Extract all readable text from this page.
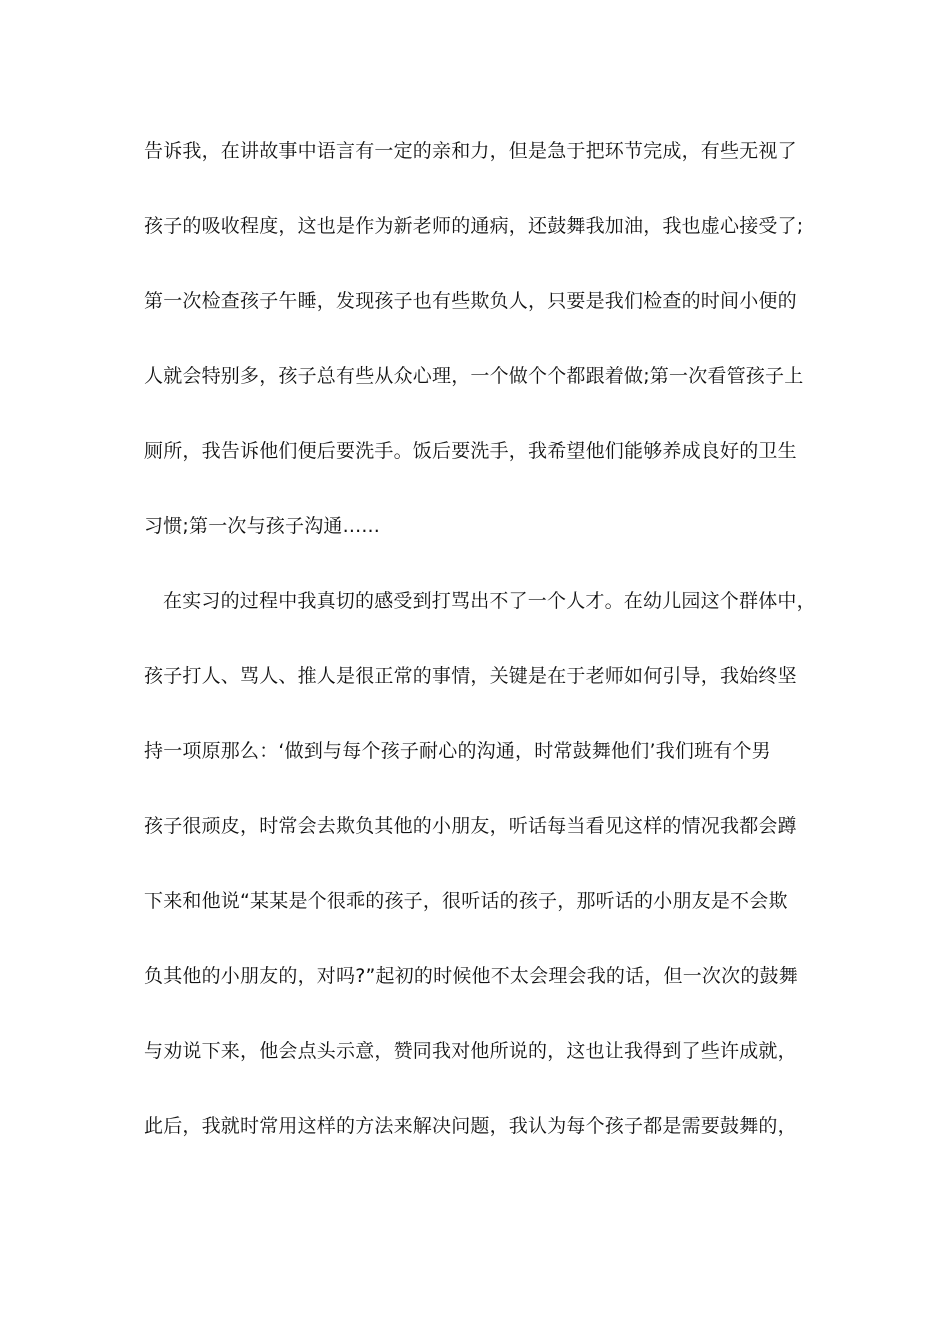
告诉我，在讲故事中语言有一定的亲和力，但是急于把环节完成，有些无视了
孩子的吸收程度，这也是作为新老师的通病，还鼓舞我加油，我也虚心接受了;
第一次检查孩子午睡，发现孩子也有些欺负人，只要是我们检查的时间小便的
人就会特别多，孩子总有些从众心理，一个做个个都跟着做;第一次看管孩子上
厕所，我告诉他们便后要洗手。饭后要洗手，我希望他们能够养成良好的卫生
习惯;第一次与孩子沟通......
在实习的过程中我真切的感受到打骂出不了一个人才。在幼儿园这个群体中，
孩子打人、骂人、推人是很正常的事情，关键是在于老师如何引导，我始终坚
持一项原那么：‘做到与每个孩子耐心的沟通，时常鼓舞他们’我们班有个男
孩子很顽皮，时常会去欺负其他的小朋友，听话每当看见这样的情况我都会蹲
下来和他说“某某是个很乖的孩子，很听话的孩子，那听话的小朋友是不会欺
负其他的小朋友的，对吗?”起初的时候他不太会理会我的话，但一次次的鼓舞
与劝说下来，他会点头示意，赞同我对他所说的，这也让我得到了些许成就，
此后，我就时常用这样的方法来解决问题，我认为每个孩子都是需要鼓舞的，
